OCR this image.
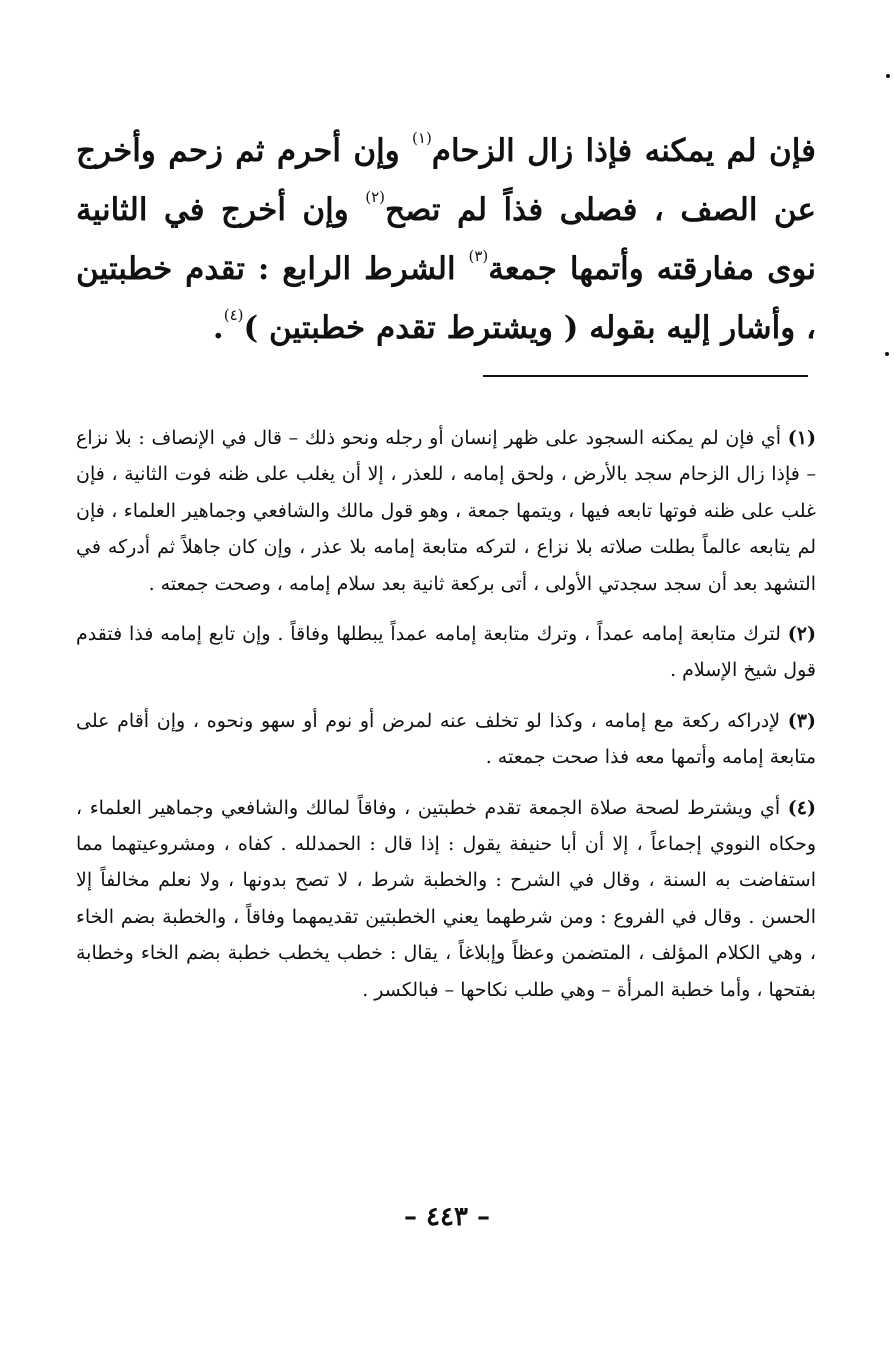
فإن لم يمكنه فإذا زال الزحام$^{(١)}$ وإن أحرم ثم زحم وأخرج عن الصف ، فصلى فذاً لم تصح$^{(٢)}$ وإن أخرج في الثانية نوى مفارقته وأتمها جمعة$^{(٣)}$ الشرط الرابع : تقدم خطبتين ، وأشار إليه بقوله ( ويشترط تقدم خطبتين )$^{(٤)}$.

(١) أي فإن لم يمكنه السجود على ظهر إنسان أو رجله ونحو ذلك – قال في الإنصاف : بلا نزاع – فإذا زال الزحام سجد بالأرض ، ولحق إمامه ، للعذر ، إلا أن يغلب على ظنه فوت الثانية ، فإن غلب على ظنه فوتها تابعه فيها ، ويتمها جمعة ، وهو قول مالك والشافعي وجماهير العلماء ، فإن لم يتابعه عالماً بطلت صلاته بلا نزاع ، لتركه متابعة إمامه بلا عذر ، وإن كان جاهلاً ثم أدركه في التشهد بعد أن سجد سجدتي الأولى ، أتى بركعة ثانية بعد سلام إمامه ، وصحت جمعته .

(٢) لترك متابعة إمامه عمداً ، وترك متابعة إمامه عمداً يبطلها وفاقاً . وإن تابع إمامه فذا فتقدم قول شيخ الإسلام .

(٣) لإدراكه ركعة مع إمامه ، وكذا لو تخلف عنه لمرض أو نوم أو سهو ونحوه ، وإن أقام على متابعة إمامه وأتمها معه فذا صحت جمعته .

(٤) أي ويشترط لصحة صلاة الجمعة تقدم خطبتين ، وفاقاً لمالك والشافعي وجماهير العلماء ، وحكاه النووي إجماعاً ، إلا أن أبا حنيفة يقول : إذا قال : الحمدلله . كفاه ، ومشروعيتهما مما استفاضت به السنة ، وقال في الشرح : والخطبة شرط ، لا تصح بدونها ، ولا نعلم مخالفاً إلا الحسن . وقال في الفروع : ومن شرطهما يعني الخطبتين تقديمهما وفاقاً ، والخطبة بضم الخاء ، وهي الكلام المؤلف ، المتضمن وعظاً وإبلاغاً ، يقال : خطب يخطب خطبة بضم الخاء وخطابة بفتحها ، وأما خطبة المرأة – وهي طلب نكاحها – فبالكسر .

– ٤٤٣ –
